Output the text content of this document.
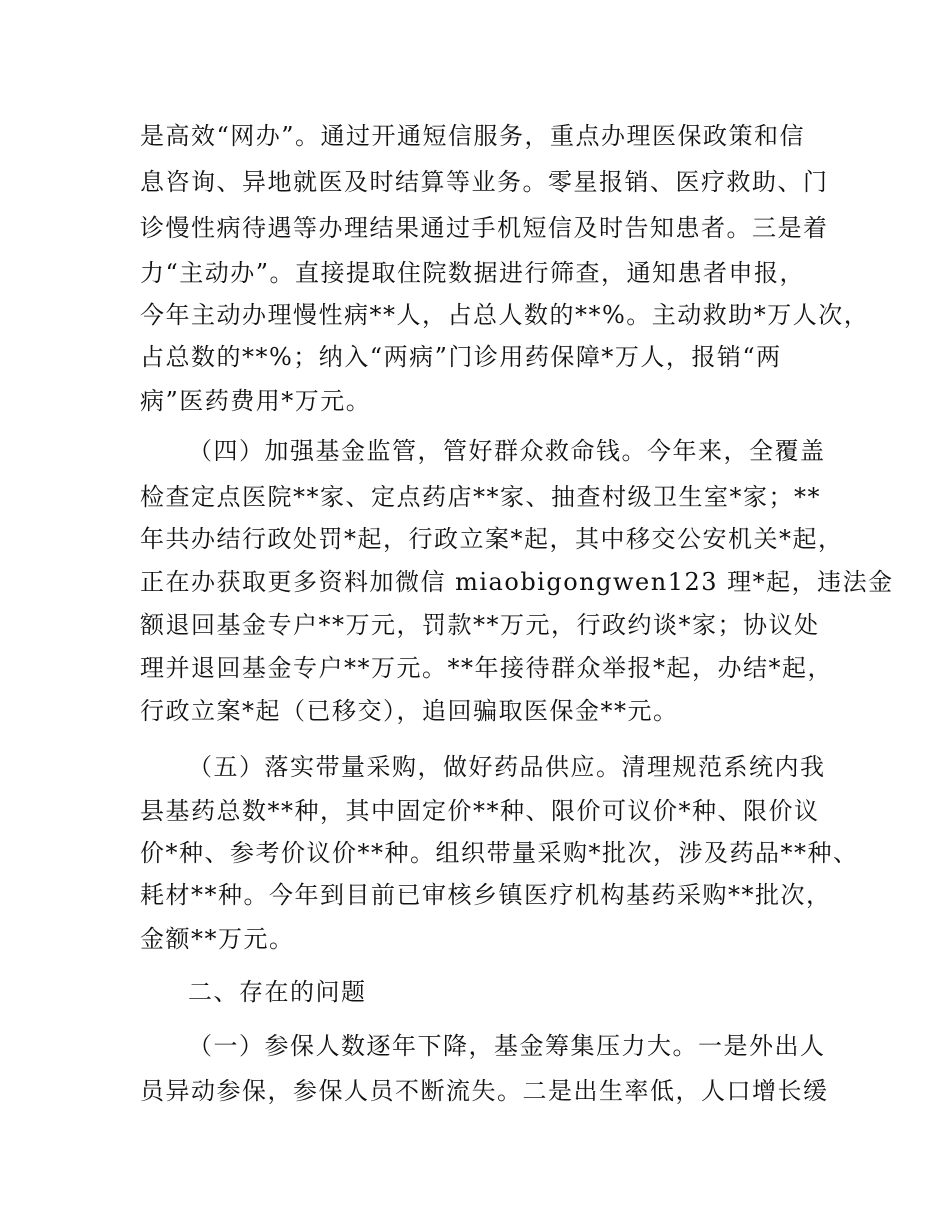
是高效“网办”。通过开通短信服务，重点办理医保政策和信
息咨询、异地就医及时结算等业务。零星报销、医疗救助、门
诊慢性病待遇等办理结果通过手机短信及时告知患者。三是着
力“主动办”。直接提取住院数据进行筛查，通知患者申报，
今年主动办理慢性病**人，占总人数的**%。主动救助*万人次，
占总数的**%；纳入“两病”门诊用药保障*万人，报销“两
病”医药费用*万元。
（四）加强基金监管，管好群众救命钱。今年来，全覆盖
检查定点医院**家、定点药店**家、抽查村级卫生室*家；**
年共办结行政处罚*起，行政立案*起，其中移交公安机关*起，
正在办获取更多资料加微信 miaobigongwen123 理*起，违法金
额退回基金专户**万元，罚款**万元，行政约谈*家；协议处
理并退回基金专户**万元。**年接待群众举报*起，办结*起，
行政立案*起（已移交），追回骗取医保金**元。
（五）落实带量采购，做好药品供应。清理规范系统内我
县基药总数**种，其中固定价**种、限价可议价*种、限价议
价*种、参考价议价**种。组织带量采购*批次，涉及药品**种、
耗材**种。今年到目前已审核乡镇医疗机构基药采购**批次，
金额**万元。
二、存在的问题
（一）参保人数逐年下降，基金筹集压力大。一是外出人
员异动参保，参保人员不断流失。二是出生率低，人口增长缓
